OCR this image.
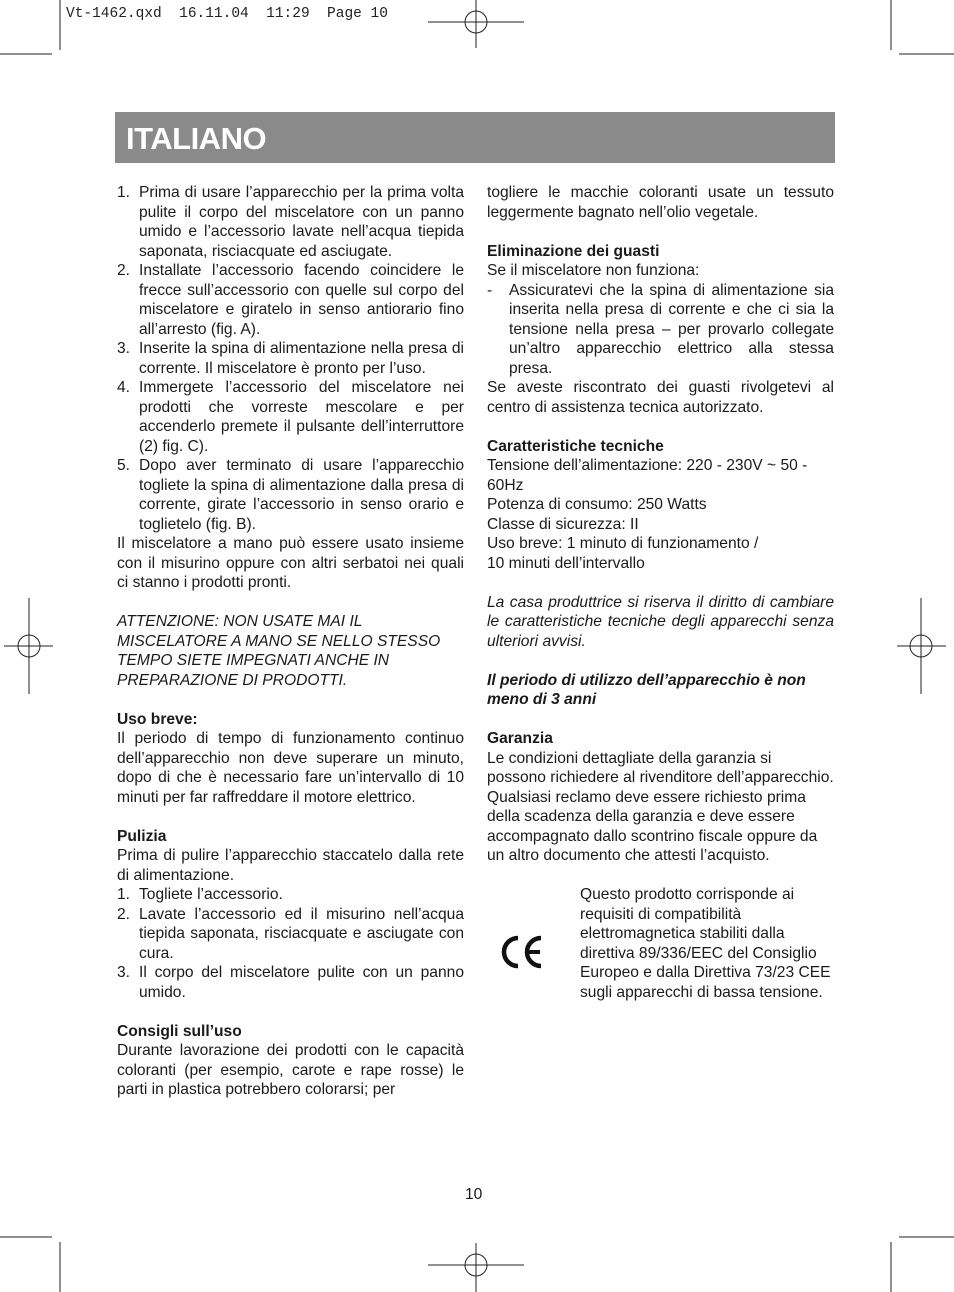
Vt-1462.qxd  16.11.04  11:29  Page 10
ITALIANO
1. Prima di usare l’apparecchio per la prima volta pulite il corpo del miscelatore con un panno umido e l’accessorio lavate nell’acqua tiepida saponata, risciacquate ed asciugate.
2. Installate l’accessorio facendo coincidere le frecce sull’accessorio con quelle sul corpo del miscelatore e giratelo in senso antiorario fino all’arresto (fig. A).
3. Inserite la spina di alimentazione nella presa di corrente. Il miscelatore è pronto per l’uso.
4. Immergete l’accessorio del miscelatore nei prodotti che vorreste mescolare e per accenderlo premete il pulsante dell’interruttore (2) fig. C).
5. Dopo aver terminato di usare l’apparecchio togliete la spina di alimentazione dalla presa di corrente, girate l’accessorio in senso orario e toglietelo (fig. B).

Il miscelatore a mano può essere usato insieme con il misurino oppure con altri serbatoi nei quali ci stanno i prodotti pronti.

ATTENZIONE: NON USATE MAI IL MISCELATORE A MANO SE NELLO STESSO TEMPO SIETE IMPEGNATI ANCHE IN PREPARAZIONE DI PRODOTTI.

Uso breve:

Il periodo di tempo di funzionamento continuo dell’apparecchio non deve superare un minuto, dopo di che è necessario fare un’intervallo di 10 minuti per far raffreddare il motore elettrico.

Pulizia

Prima di pulire l’apparecchio staccatelo dalla rete di alimentazione.

1. Togliete l’accessorio.
2. Lavate l’accessorio ed il misurino nell’acqua tiepida saponata, risciacquate e asciugate con cura.
3. Il corpo del miscelatore pulite con un panno umido.

Consigli sull’uso

Durante lavorazione dei prodotti con le capacità coloranti (per esempio, carote e rape rosse) le parti in plastica potrebbero colorarsi; per

togliere le macchie coloranti usate un tessuto leggermente bagnato nell’olio vegetale.

Eliminazione dei guasti

Se il miscelatore non funziona:

- Assicuratevi che la spina di alimentazione sia inserita nella presa di corrente e che ci sia la tensione nella presa – per provarlo collegate un’altro apparecchio elettrico alla stessa presa.

Se aveste riscontrato dei guasti rivolgetevi al centro di assistenza tecnica autorizzato.

Caratteristiche tecniche

Tensione dell’alimentazione: 220 - 230V ~ 50 - 60Hz

Potenza di consumo: 250 Watts

Classe di sicurezza: II

Uso breve: 1 minuto di funzionamento /

10 minuti dell’intervallo

La casa produttrice si riserva il diritto di cambiare le caratteristiche tecniche degli apparecchi senza ulteriori avvisi.

Il periodo di utilizzo dell’apparecchio è non meno di 3 anni

Garanzia

Le condizioni dettagliate della garanzia si possono richiedere al rivenditore dell’apparecchio. Qualsiasi reclamo deve essere richiesto prima della scadenza della garanzia e deve essere accompagnato dallo scontrino fiscale oppure da un altro documento che attesti l’acquisto.

Questo prodotto corrisponde ai requisiti di compatibilità elettromagnetica stabiliti dalla direttiva 89/336/EEC del Consiglio Europeo e dalla Direttiva 73/23 CEE sugli apparecchi di bassa tensione.

10
